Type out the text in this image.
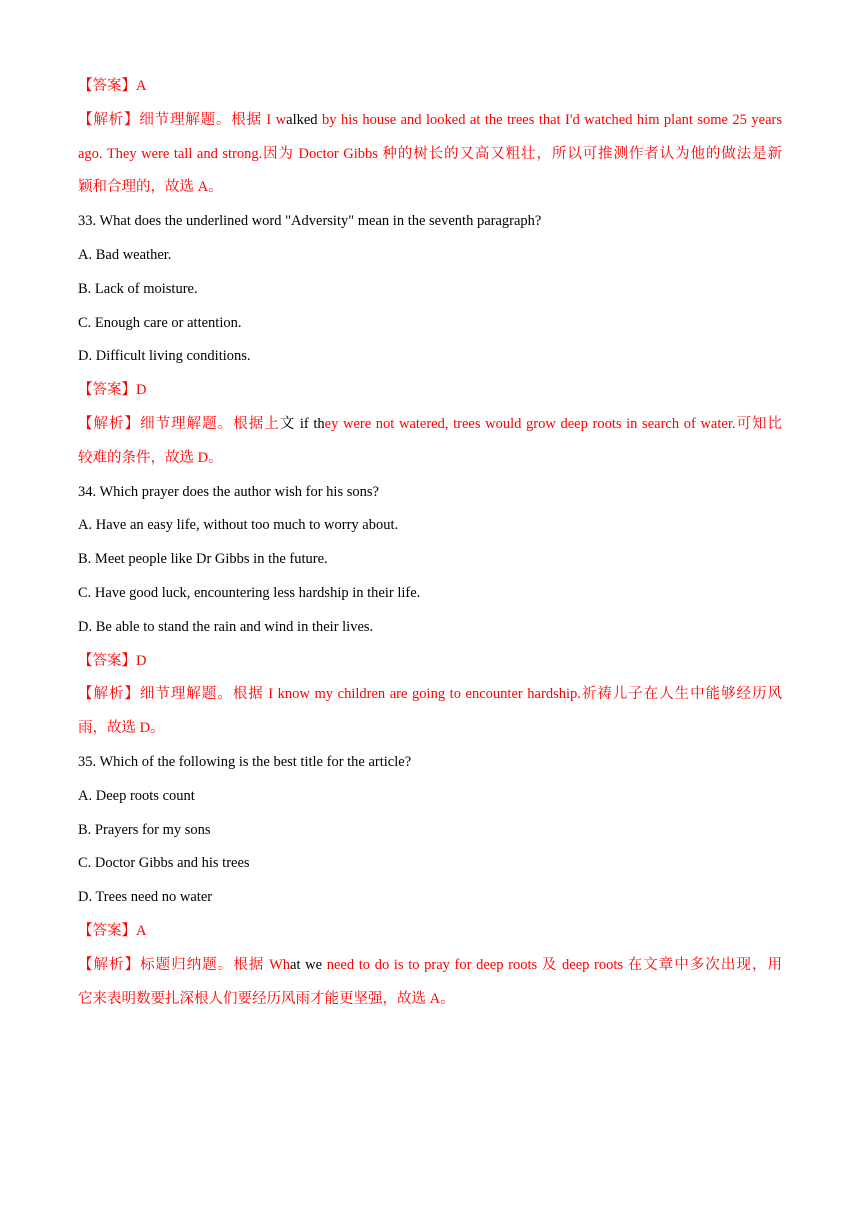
【答案】A
【解析】细节理解题。根据 I walked by his house and looked at the trees that I'd watched him plant some 25 years
ago. They were tall and strong.因为 Doctor Gibbs 种的树长的又高又粗壮，所以可推测作者认为他的做法是新
颖和合理的，故选 A。
33. What does the underlined word "Adversity" mean in the seventh paragraph?
A. Bad weather.
B. Lack of moisture.
C. Enough care or attention.
D. Difficult living conditions.
【答案】D
【解析】细节理解题。根据上文 if they were not watered, trees would grow deep roots in search of water.可知比
较难的条件，故选 D。
34. Which prayer does the author wish for his sons?
A. Have an easy life, without too much to worry about.
B. Meet people like Dr Gibbs in the future.
C. Have good luck, encountering less hardship in their life.
D. Be able to stand the rain and wind in their lives.
【答案】D
【解析】细节理解题。根据 I know my children are going to encounter hardship.祈祷儿子在人生中能够经历风
雨，故选 D。
35. Which of the following is the best title for the article?
A. Deep roots count
B. Prayers for my sons
C. Doctor Gibbs and his trees
D. Trees need no water
【答案】A
【解析】标题归纳题。根据 What we need to do is to pray for deep roots 及 deep roots 在文章中多次出现，用
它来表明数要扎深根人们要经历风雨才能更坚强，故选 A。
